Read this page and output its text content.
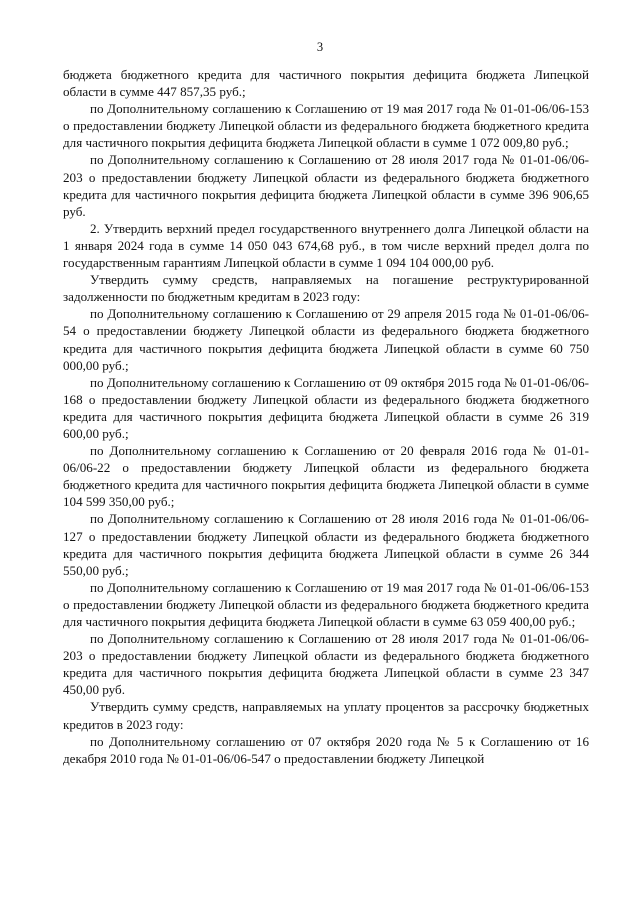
3

бюджета бюджетного кредита для частичного покрытия дефицита бюджета Липецкой области в сумме 447 857,35 руб.;

по Дополнительному соглашению к Соглашению от 19 мая 2017 года № 01-01-06/06-153 о предоставлении бюджету Липецкой области из федерального бюджета бюджетного кредита для частичного покрытия дефицита бюджета Липецкой области в сумме 1 072 009,80 руб.;

по Дополнительному соглашению к Соглашению от 28 июля 2017 года № 01-01-06/06-203 о предоставлении бюджету Липецкой области из федерального бюджета бюджетного кредита для частичного покрытия дефицита бюджета Липецкой области в сумме 396 906,65 руб.

2. Утвердить верхний предел государственного внутреннего долга Липецкой области на 1 января 2024 года в сумме 14 050 043 674,68 руб., в том числе верхний предел долга по государственным гарантиям Липецкой области в сумме 1 094 104 000,00 руб.

Утвердить сумму средств, направляемых на погашение реструктурированной задолженности по бюджетным кредитам в 2023 году:

по Дополнительному соглашению к Соглашению от 29 апреля 2015 года № 01-01-06/06-54 о предоставлении бюджету Липецкой области из федерального бюджета бюджетного кредита для частичного покрытия дефицита бюджета Липецкой области в сумме 60 750 000,00 руб.;

по Дополнительному соглашению к Соглашению от 09 октября 2015 года № 01-01-06/06-168 о предоставлении бюджету Липецкой области из федерального бюджета бюджетного кредита для частичного покрытия дефицита бюджета Липецкой области в сумме 26 319 600,00 руб.;

по Дополнительному соглашению к Соглашению от 20 февраля 2016 года № 01-01-06/06-22 о предоставлении бюджету Липецкой области из федерального бюджета бюджетного кредита для частичного покрытия дефицита бюджета Липецкой области в сумме 104 599 350,00 руб.;

по Дополнительному соглашению к Соглашению от 28 июля 2016 года № 01-01-06/06-127 о предоставлении бюджету Липецкой области из федерального бюджета бюджетного кредита для частичного покрытия дефицита бюджета Липецкой области в сумме 26 344 550,00 руб.;

по Дополнительному соглашению к Соглашению от 19 мая 2017 года № 01-01-06/06-153 о предоставлении бюджету Липецкой области из федерального бюджета бюджетного кредита для частичного покрытия дефицита бюджета Липецкой области в сумме 63 059 400,00 руб.;

по Дополнительному соглашению к Соглашению от 28 июля 2017 года № 01-01-06/06-203 о предоставлении бюджету Липецкой области из федерального бюджета бюджетного кредита для частичного покрытия дефицита бюджета Липецкой области в сумме 23 347 450,00 руб.

Утвердить сумму средств, направляемых на уплату процентов за рассрочку бюджетных кредитов в 2023 году:

по Дополнительному соглашению от 07 октября 2020 года № 5 к Соглашению от 16 декабря 2010 года № 01-01-06/06-547 о предоставлении бюджету Липецкой
